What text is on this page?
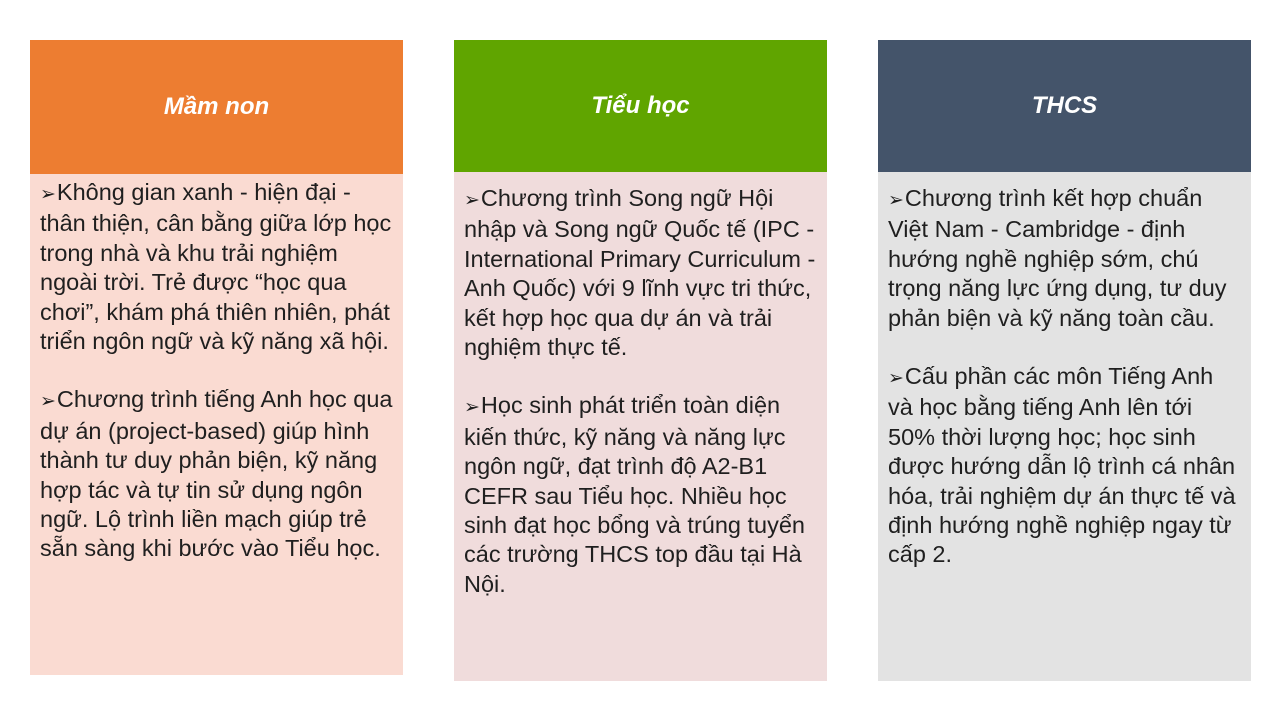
Mầm non

➢Không gian xanh - hiện đại - thân thiện, cân bằng giữa lớp học trong nhà và khu trải nghiệm ngoài trời. Trẻ được “học qua chơi”, khám phá thiên nhiên, phát triển ngôn ngữ và kỹ năng xã hội.

➢Chương trình tiếng Anh học qua dự án (project-based) giúp hình thành tư duy phản biện, kỹ năng hợp tác và tự tin sử dụng ngôn ngữ. Lộ trình liền mạch giúp trẻ sẵn sàng khi bước vào Tiểu học.

Tiểu học

➢Chương trình Song ngữ Hội nhập và Song ngữ Quốc tế (IPC - International Primary Curriculum - Anh Quốc) với 9 lĩnh vực tri thức, kết hợp học qua dự án và trải nghiệm thực tế.

➢Học sinh phát triển toàn diện kiến thức, kỹ năng và năng lực ngôn ngữ, đạt trình độ A2-B1 CEFR sau Tiểu học. Nhiều học sinh đạt học bổng và trúng tuyển các trường THCS top đầu tại Hà Nội.

THCS

➢Chương trình kết hợp chuẩn Việt Nam - Cambridge - định hướng nghề nghiệp sớm, chú trọng năng lực ứng dụng, tư duy phản biện và kỹ năng toàn cầu.

➢Cấu phần các môn Tiếng Anh và học bằng tiếng Anh lên tới 50% thời lượng học; học sinh được hướng dẫn lộ trình cá nhân hóa, trải nghiệm dự án thực tế và định hướng nghề nghiệp ngay từ cấp 2.
